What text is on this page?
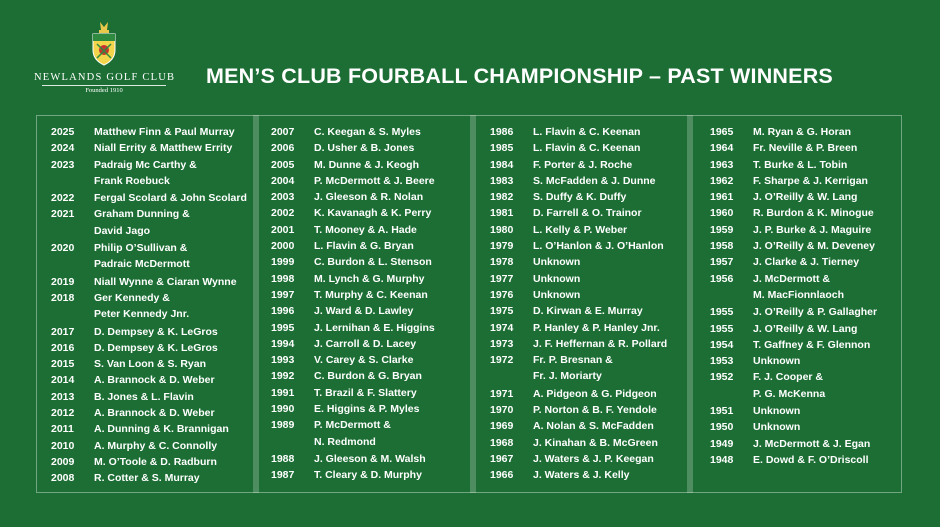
NEWLANDS GOLF CLUB
Founded 1910
MEN’S CLUB FOURBALL CHAMPIONSHIP – PAST WINNERS
2025	Matthew Finn & Paul Murray
2024	Niall Errity & Matthew Errity
2023	Padraig Mc Carthy &
Frank Roebuck
2022	Fergal Scolard & John Scolard
2021	Graham Dunning &
David Jago
2020	Philip O’Sullivan &
Padraic McDermott
2019	Niall Wynne & Ciaran Wynne
2018	Ger Kennedy &
Peter Kennedy Jnr.
2017	D. Dempsey & K. LeGros
2016	D. Dempsey & K. LeGros
2015	S. Van Loon & S. Ryan
2014	A. Brannock & D. Weber
2013	B. Jones & L. Flavin
2012	A. Brannock & D. Weber
2011	A. Dunning & K. Brannigan
2010	A. Murphy & C. Connolly
2009	M. O’Toole & D. Radburn
2008	R. Cotter & S. Murray
2007	C. Keegan & S. Myles
2006	D. Usher & B. Jones
2005	M. Dunne & J. Keogh
2004	P. McDermott & J. Beere
2003	J. Gleeson & R. Nolan
2002	K. Kavanagh & K. Perry
2001	T. Mooney & A. Hade
2000	L. Flavin & G. Bryan
1999	C. Burdon & L. Stenson
1998	M. Lynch & G. Murphy
1997	T. Murphy & C. Keenan
1996	J. Ward & D. Lawley
1995	J. Lernihan & E. Higgins
1994	J. Carroll & D. Lacey
1993	V. Carey & S. Clarke
1992	C. Burdon & G. Bryan
1991	T. Brazil & F. Slattery
1990	E. Higgins & P. Myles
1989	P. McDermott &
N. Redmond
1988	J. Gleeson & M. Walsh
1987	T. Cleary & D. Murphy
1986	L. Flavin & C. Keenan
1985	L. Flavin & C. Keenan
1984	F. Porter & J. Roche
1983	S. McFadden & J. Dunne
1982	S. Duffy & K. Duffy
1981	D. Farrell & O. Trainor
1980	L. Kelly & P. Weber
1979	L. O’Hanlon & J. O’Hanlon
1978	Unknown
1977	Unknown
1976	Unknown
1975	D. Kirwan & E. Murray
1974	P. Hanley & P. Hanley Jnr.
1973	J. F. Heffernan & R. Pollard
1972	Fr. P. Bresnan &
Fr. J. Moriarty
1971	A. Pidgeon & G. Pidgeon
1970	P. Norton & B. F. Yendole
1969	A. Nolan & S. McFadden
1968	J. Kinahan & B. McGreen
1967	J. Waters & J. P. Keegan
1966	J. Waters & J. Kelly
1965	M. Ryan & G. Horan
1964	Fr. Neville & P. Breen
1963	T. Burke & L. Tobin
1962	F. Sharpe & J. Kerrigan
1961	J. O’Reilly & W. Lang
1960	R. Burdon & K. Minogue
1959	J. P. Burke & J. Maguire
1958	J. O’Reilly & M. Deveney
1957	J. Clarke & J. Tierney
1956	J. McDermott &
M. MacFionnlaoch
1955	J. O’Reilly & P. Gallagher
1955	J. O’Reilly & W. Lang
1954	T. Gaffney & F. Glennon
1953	Unknown
1952	F. J. Cooper &
P. G. McKenna
1951	Unknown
1950	Unknown
1949	J. McDermott & J. Egan
1948	E. Dowd & F. O’Driscoll
